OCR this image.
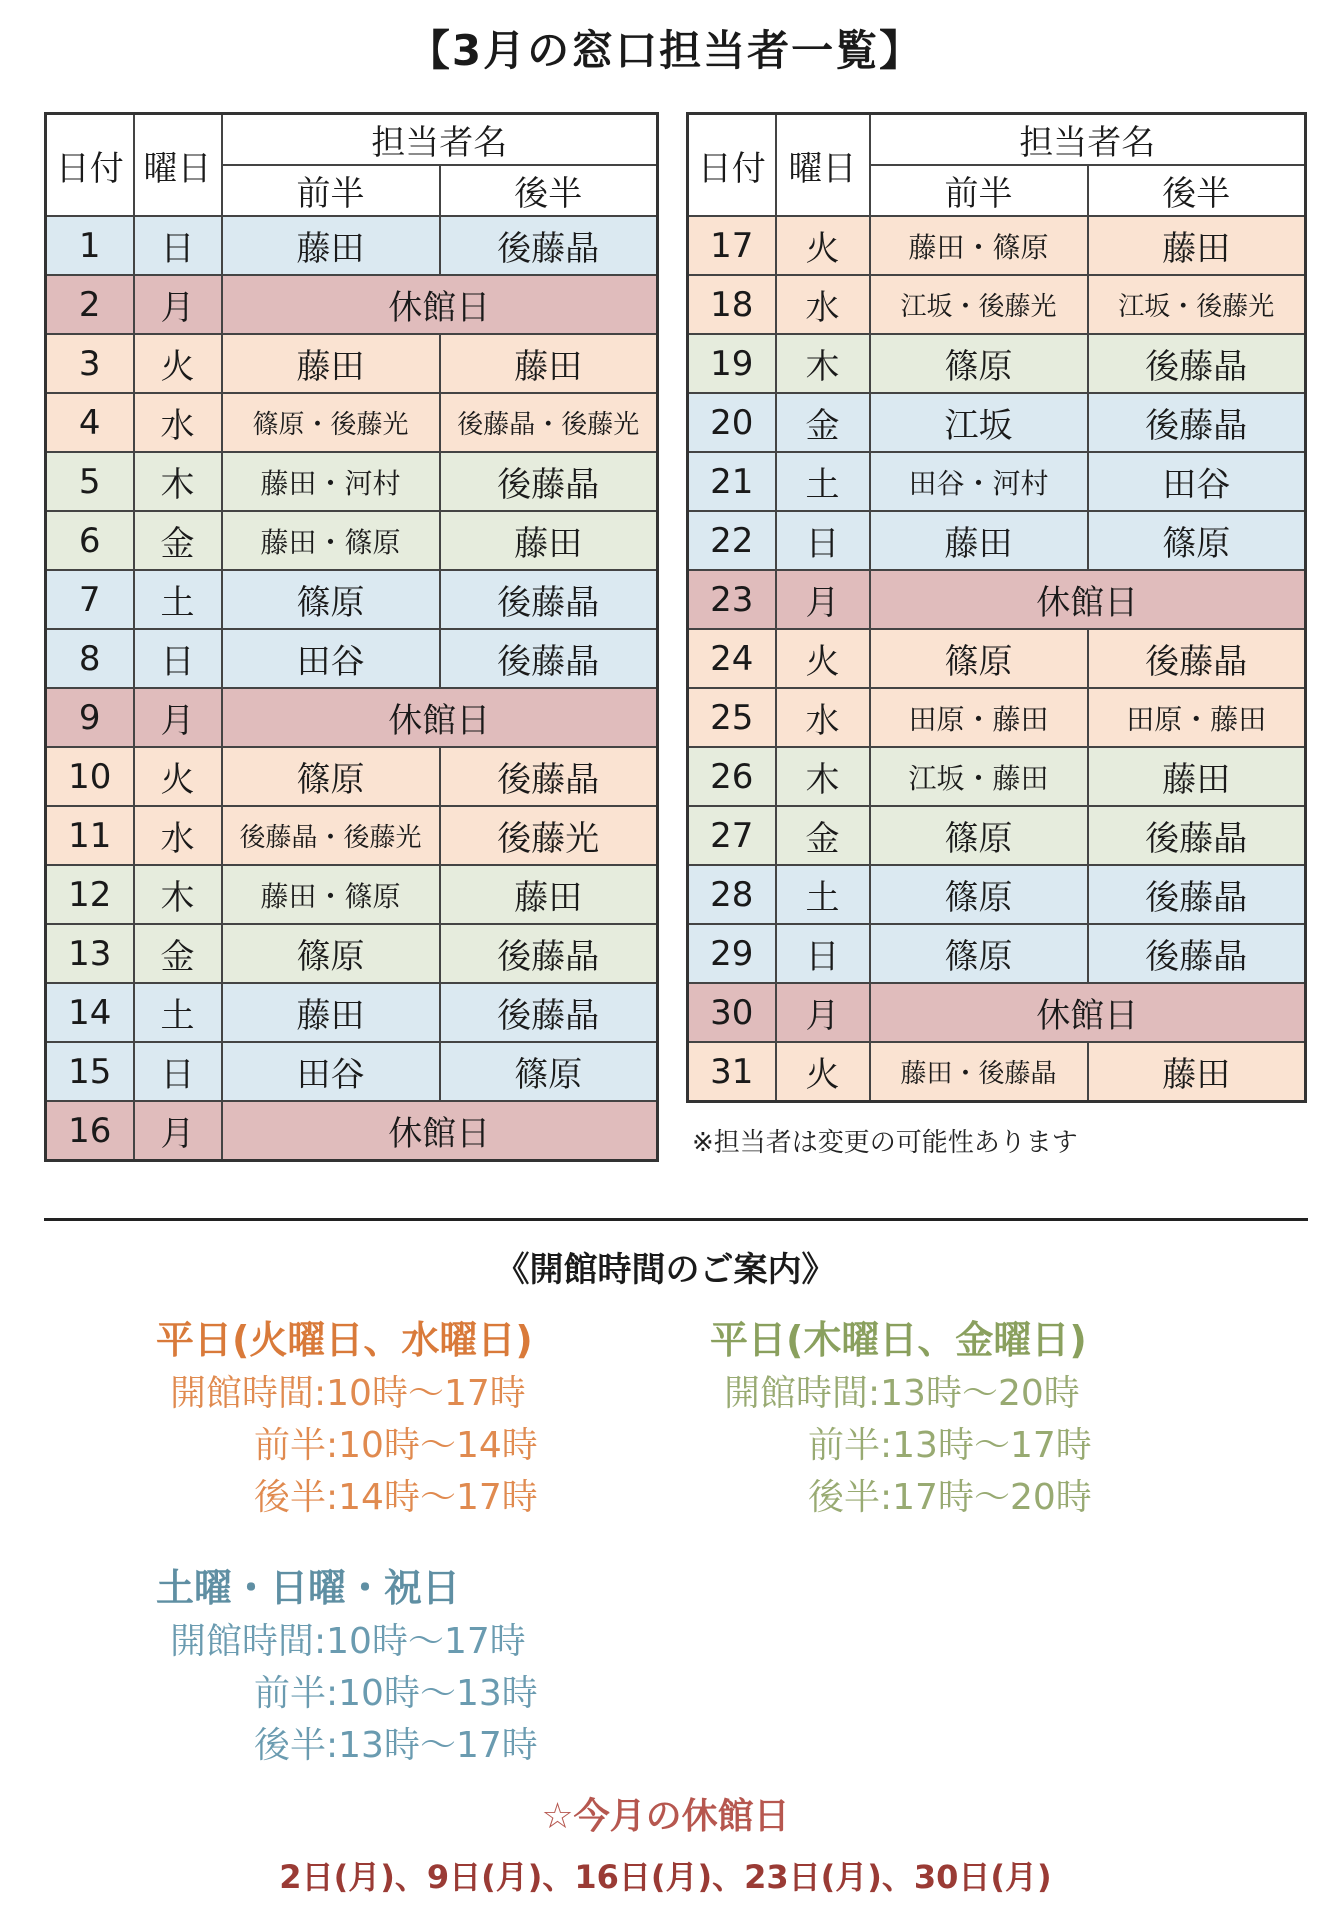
【3月の窓口担当者一覧】
日付	曜日	担当者名	
		前半	後半
1	日	藤田	後藤晶
2	月	休館日	
3	火	藤田	藤田
4	水	篠原・後藤光	後藤晶・後藤光
5	木	藤田・河村	後藤晶
6	金	藤田・篠原	藤田
7	土	篠原	後藤晶
8	日	田谷	後藤晶
9	月	休館日	
10	火	篠原	後藤晶
11	水	後藤晶・後藤光	後藤光
12	木	藤田・篠原	藤田
13	金	篠原	後藤晶
14	土	藤田	後藤晶
15	日	田谷	篠原
16	月	休館日	
日付	曜日	担当者名	
		前半	後半
17	火	藤田・篠原	藤田
18	水	江坂・後藤光	江坂・後藤光
19	木	篠原	後藤晶
20	金	江坂	後藤晶
21	土	田谷・河村	田谷
22	日	藤田	篠原
23	月	休館日	
24	火	篠原	後藤晶
25	水	田原・藤田	田原・藤田
26	木	江坂・藤田	藤田
27	金	篠原	後藤晶
28	土	篠原	後藤晶
29	日	篠原	後藤晶
30	月	休館日	
31	火	藤田・後藤晶	藤田
※担当者は変更の可能性あります
《開館時間のご案内》
平日(火曜日、水曜日)
開館時間:10時～17時
前半:10時～14時
後半:14時～17時
平日(木曜日、金曜日)
開館時間:13時～20時
前半:13時～17時
後半:17時～20時
土曜・日曜・祝日
開館時間:10時～17時
前半:10時～13時
後半:13時～17時
☆今月の休館日
2日(月)、9日(月)、16日(月)、23日(月)、30日(月)
